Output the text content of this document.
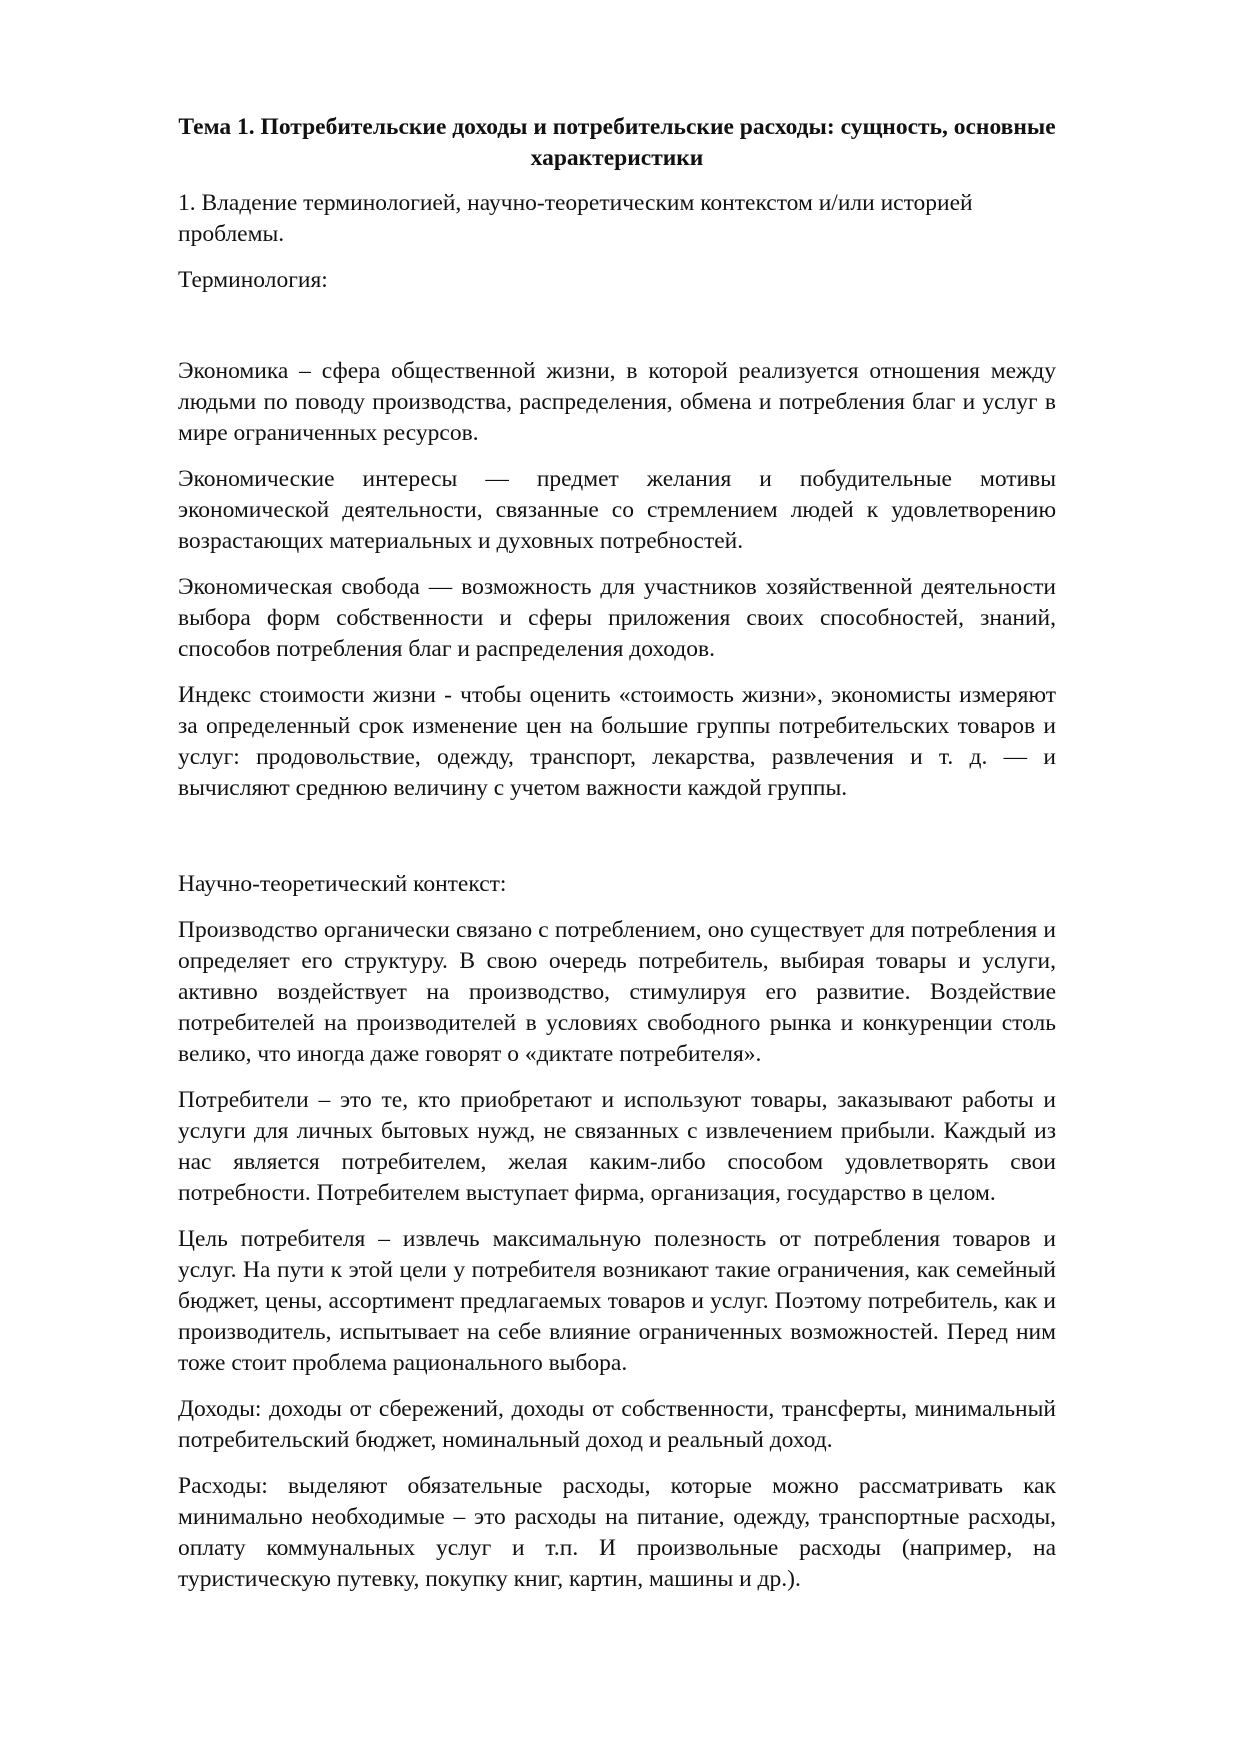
Тема 1. Потребительские доходы и потребительские расходы: сущность, основные характеристики
1. Владение терминологией, научно-теоретическим контекстом и/или историей проблемы.
Терминология:
Экономика – сфера общественной жизни, в которой реализуется отношения между людьми по поводу производства, распределения, обмена и потребления благ и услуг в мире ограниченных ресурсов.
Экономические интересы — предмет желания и побудительные мотивы экономической деятельности, связанные со стремлением людей к удовлетворению возрастающих материальных и духовных потребностей.
Экономическая свобода — возможность для участников хозяйственной деятельности выбора форм собственности и сферы приложения своих способностей, знаний, способов потребления благ и распределения доходов.
Индекс стоимости жизни - чтобы оценить «стоимость жизни», экономисты измеряют за определенный срок изменение цен на большие группы потребительских товаров и услуг: продовольствие, одежду, транспорт, лекарства, развлечения и т. д. — и вычисляют среднюю величину с учетом важности каждой группы.
Научно-теоретический контекст:
Производство органически связано с потреблением, оно существует для потребления и определяет его структуру. В свою очередь потребитель, выбирая товары и услуги, активно воздействует на производство, стимулируя его развитие. Воздействие потребителей на производителей в условиях свободного рынка и конкуренции столь велико, что иногда даже говорят о «диктате потребителя».
Потребители – это те, кто приобретают и используют товары, заказывают работы и услуги для личных бытовых нужд, не связанных с извлечением прибыли. Каждый из нас является потребителем, желая каким-либо способом удовлетворять свои потребности. Потребителем выступает фирма, организация, государство в целом.
Цель потребителя – извлечь максимальную полезность от потребления товаров и услуг. На пути к этой цели у потребителя возникают такие ограничения, как семейный бюджет, цены, ассортимент предлагаемых товаров и услуг. Поэтому потребитель, как и производитель, испытывает на себе влияние ограниченных возможностей. Перед ним тоже стоит проблема рационального выбора.
Доходы: доходы от сбережений, доходы от собственности, трансферты, минимальный потребительский бюджет, номинальный доход и реальный доход.
Расходы: выделяют обязательные расходы, которые можно рассматривать как минимально необходимые – это расходы на питание, одежду, транспортные расходы, оплату коммунальных услуг и т.п. И произвольные расходы (например, на туристическую путевку, покупку книг, картин, машины и др.).
